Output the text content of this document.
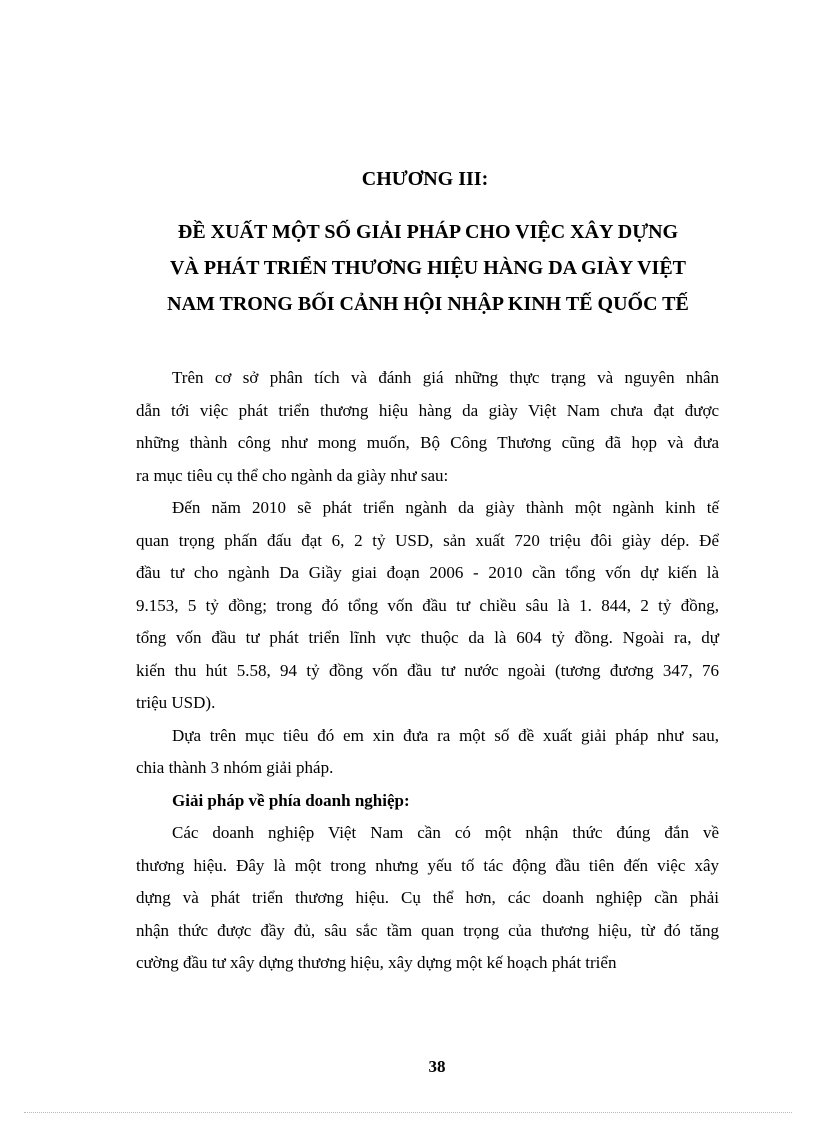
CHƯƠNG III:
ĐỀ XUẤT MỘT SỐ GIẢI PHÁP CHO VIỆC XÂY DỰNG
VÀ PHÁT TRIỂN THƯƠNG HIỆU HÀNG DA GIÀY VIỆT
NAM TRONG BỐI CẢNH HỘI NHẬP KINH TẾ QUỐC TẾ

Trên cơ sở phân tích và đánh giá những thực trạng và nguyên nhân
dẫn tới việc phát triển thương hiệu hàng da giày Việt Nam chưa đạt được
những thành công như mong muốn, Bộ Công Thương cũng đã họp và đưa
ra mục tiêu cụ thể cho ngành da giày như sau:

Đến năm 2010 sẽ phát triển ngành da giày thành một ngành kinh tế
quan trọng phấn đấu đạt 6, 2 tỷ USD, sản xuất 720 triệu đôi giày dép. Để
đầu tư cho ngành Da Giầy giai đoạn 2006 - 2010 cần tổng vốn dự kiến là
9.153, 5 tỷ đồng; trong đó tổng vốn đầu tư chiều sâu là 1. 844, 2 tỷ đồng,
tổng vốn đầu tư phát triển lĩnh vực thuộc da là 604 tỷ đồng. Ngoài ra, dự
kiến thu hút 5.58, 94 tỷ đồng vốn đầu tư nước ngoài (tương đương 347, 76
triệu USD).

Dựa trên mục tiêu đó em xin đưa ra một số đề xuất giải pháp như sau,
chia thành 3 nhóm giải pháp.

Giải pháp về phía doanh nghiệp:

Các doanh nghiệp Việt Nam cần có một nhận thức đúng đắn về
thương hiệu. Đây là một trong nhưng yếu tố tác động đầu tiên đến việc xây
dựng và phát triển thương hiệu. Cụ thể hơn, các doanh nghiệp cần phải
nhận thức được đầy đủ, sâu sắc tầm quan trọng của thương hiệu, từ đó tăng
cường đầu tư xây dựng thương hiệu, xây dựng một kế hoạch phát triển

38
